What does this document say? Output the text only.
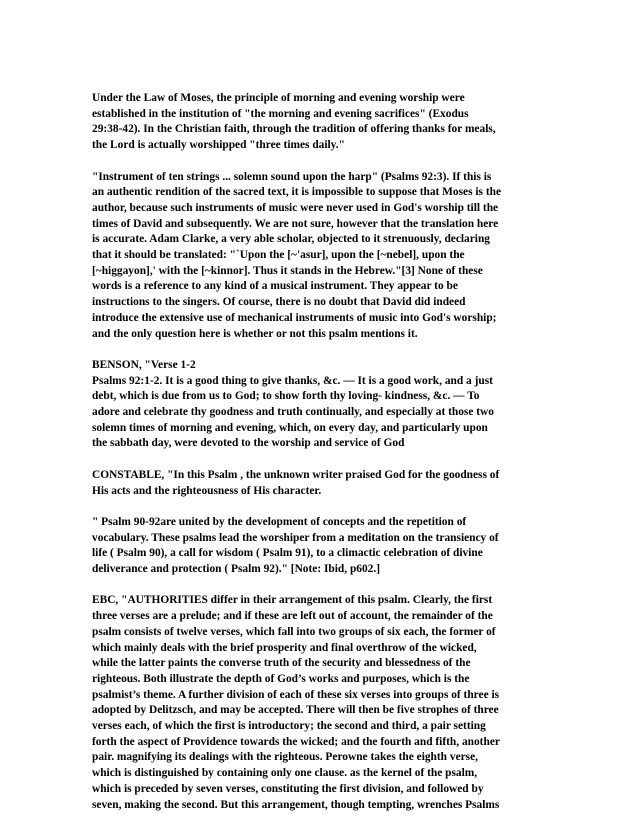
Under the Law of Moses, the principle of morning and evening worship were
established in the institution of "the morning and evening sacrifices" (Exodus
29:38-42). In the Christian faith, through the tradition of offering thanks for meals,
the Lord is actually worshipped "three times daily."

"Instrument of ten strings ... solemn sound upon the harp" (Psalms 92:3). If this is
an authentic rendition of the sacred text, it is impossible to suppose that Moses is the
author, because such instruments of music were never used in God's worship till the
times of David and subsequently. We are not sure, however that the translation here
is accurate. Adam Clarke, a very able scholar, objected to it strenuously, declaring
that it should be translated: "`Upon the [~'asur], upon the [~nebel], upon the
[~higgayon],' with the [~kinnor]. Thus it stands in the Hebrew."[3] None of these
words is a reference to any kind of a musical instrument. They appear to be
instructions to the singers. Of course, there is no doubt that David did indeed
introduce the extensive use of mechanical instruments of music into God's worship;
and the only question here is whether or not this psalm mentions it.

BENSON, "Verse 1-2
Psalms 92:1-2. It is a good thing to give thanks, &c. — It is a good work, and a just
debt, which is due from us to God; to show forth thy loving- kindness, &c. — To
adore and celebrate thy goodness and truth continually, and especially at those two
solemn times of morning and evening, which, on every day, and particularly upon
the sabbath day, were devoted to the worship and service of God

CONSTABLE, "In this Psalm , the unknown writer praised God for the goodness of
His acts and the righteousness of His character.

" Psalm 90-92are united by the development of concepts and the repetition of
vocabulary. These psalms lead the worshiper from a meditation on the transiency of
life ( Psalm 90), a call for wisdom ( Psalm 91), to a climactic celebration of divine
deliverance and protection ( Psalm 92)." [Note: Ibid, p602.]

EBC, "AUTHORITIES differ in their arrangement of this psalm. Clearly, the first
three verses are a prelude; and if these are left out of account, the remainder of the
psalm consists of twelve verses, which fall into two groups of six each, the former of
which mainly deals with the brief prosperity and final overthrow of the wicked,
while the latter paints the converse truth of the security and blessedness of the
righteous. Both illustrate the depth of God’s works and purposes, which is the
psalmist’s theme. A further division of each of these six verses into groups of three is
adopted by Delitzsch, and may be accepted. There will then be five strophes of three
verses each, of which the first is introductory; the second and third, a pair setting
forth the aspect of Providence towards the wicked; and the fourth and fifth, another
pair. magnifying its dealings with the righteous. Perowne takes the eighth verse,
which is distinguished by containing only one clause. as the kernel of the psalm,
which is preceded by seven verses, constituting the first division, and followed by
seven, making the second. But this arrangement, though tempting, wrenches Psalms
